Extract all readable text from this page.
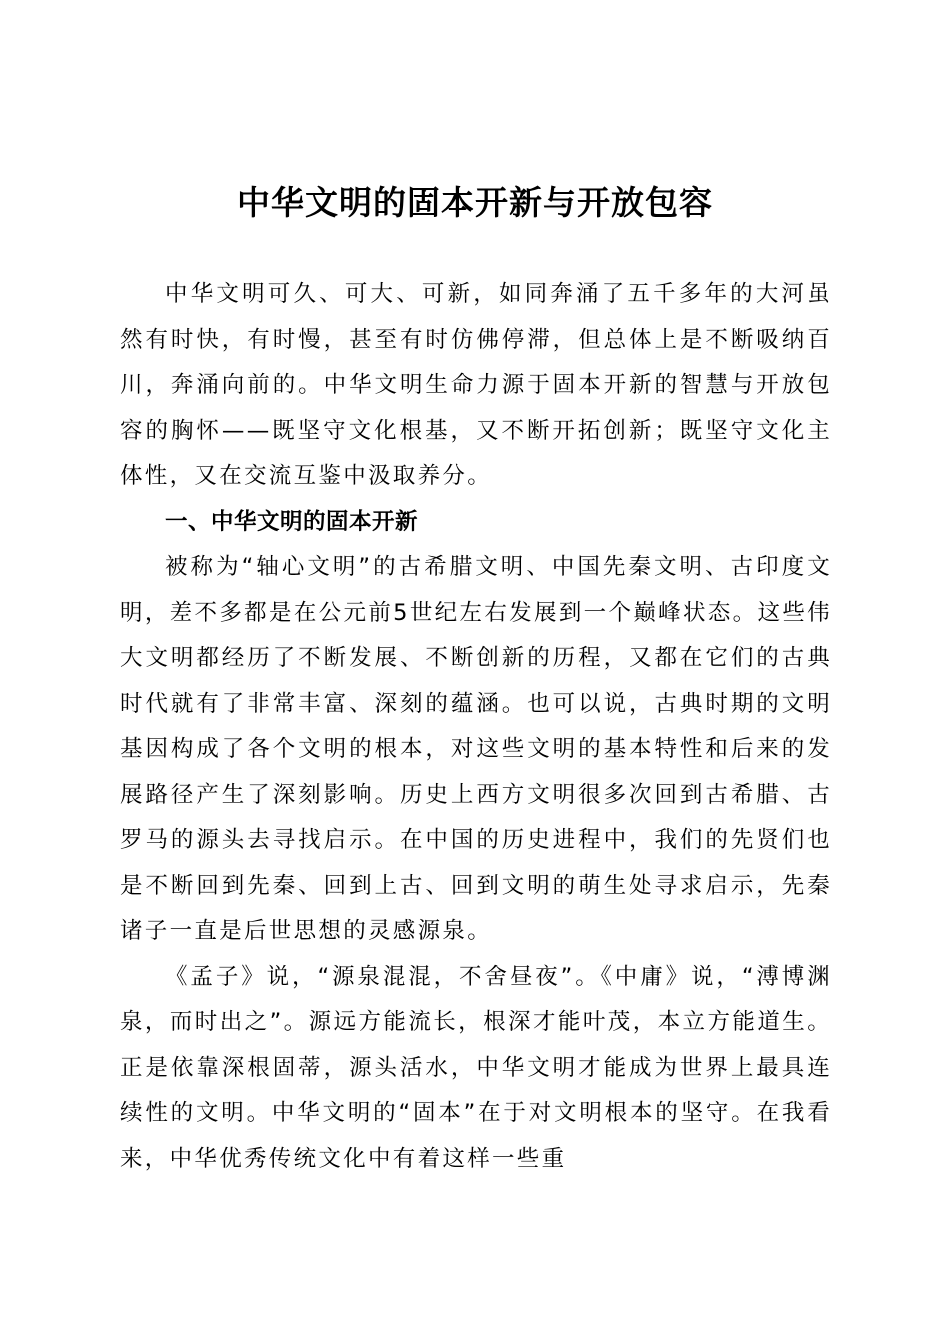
中华文明的固本开新与开放包容

中华文明可久、可大、可新，如同奔涌了五千多年的大河虽然有时快，有时慢，甚至有时仿佛停滞，但总体上是不断吸纳百川，奔涌向前的。中华文明生命力源于固本开新的智慧与开放包容的胸怀——既坚守文化根基，又不断开拓创新；既坚守文化主体性，又在交流互鉴中汲取养分。

一、中华文明的固本开新

被称为“轴心文明”的古希腊文明、中国先秦文明、古印度文明，差不多都是在公元前5世纪左右发展到一个巅峰状态。这些伟大文明都经历了不断发展、不断创新的历程，又都在它们的古典时代就有了非常丰富、深刻的蕴涵。也可以说，古典时期的文明基因构成了各个文明的根本，对这些文明的基本特性和后来的发展路径产生了深刻影响。历史上西方文明很多次回到古希腊、古罗马的源头去寻找启示。在中国的历史进程中，我们的先贤们也是不断回到先秦、回到上古、回到文明的萌生处寻求启示，先秦诸子一直是后世思想的灵感源泉。

《孟子》说，“源泉混混，不舍昼夜”。《中庸》说，“溥博渊泉，而时出之”。源远方能流长，根深才能叶茂，本立方能道生。正是依靠深根固蒂，源头活水，中华文明才能成为世界上最具连续性的文明。中华文明的“固本”在于对文明根本的坚守。在我看来，中华优秀传统文化中有着这样一些重
